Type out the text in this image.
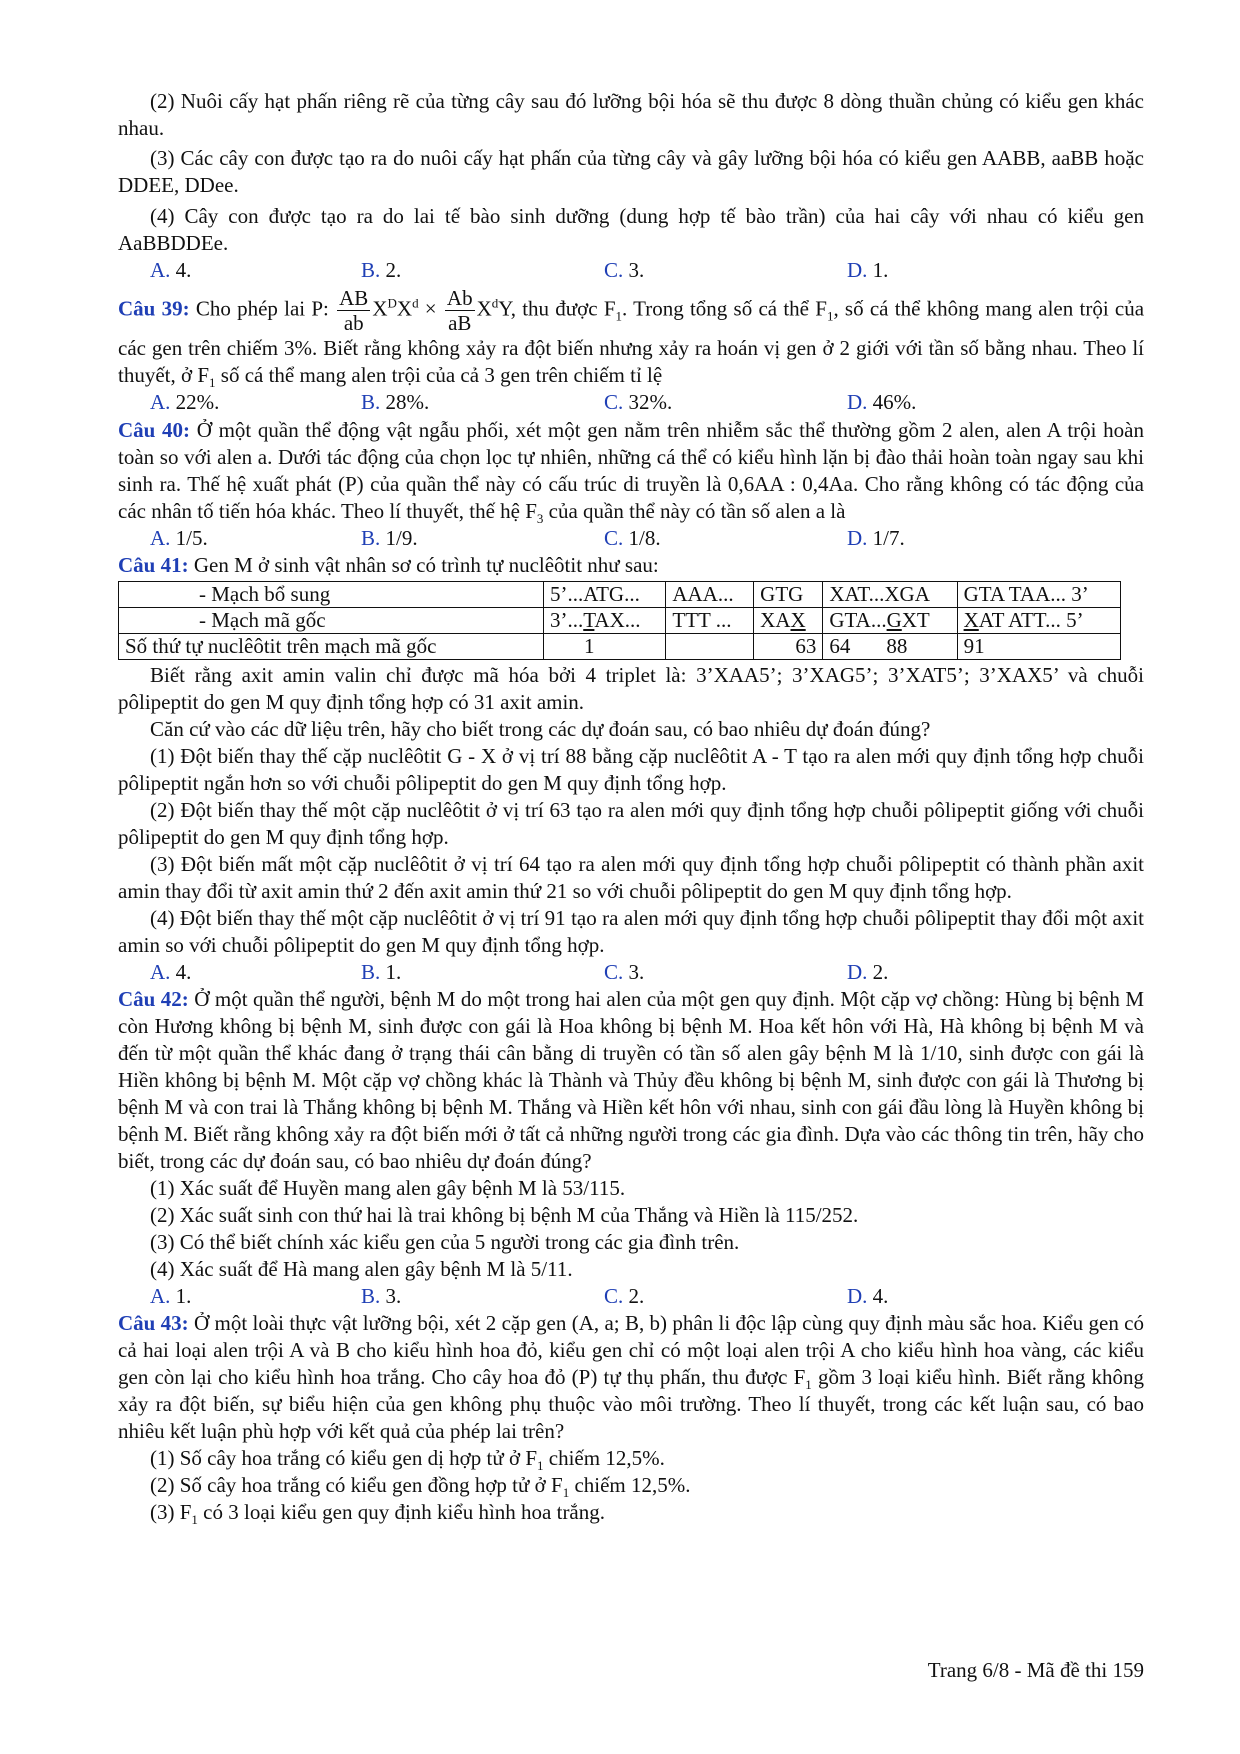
(2) Nuôi cấy hạt phấn riêng rẽ của từng cây sau đó lưỡng bội hóa sẽ thu được 8 dòng thuần chủng có kiểu gen khác nhau.

(3) Các cây con được tạo ra do nuôi cấy hạt phấn của từng cây và gây lưỡng bội hóa có kiểu gen AABB, aaBB hoặc DDEE, DDee.

(4) Cây con được tạo ra do lai tế bào sinh dưỡng (dung hợp tế bào trần) của hai cây với nhau có kiểu gen AaBBDDEe.

A. 4.	B. 2.	C. 3.	D. 1.

Câu 39: Cho phép lai P: $\frac{AB}{ab} X^DX^d \times \frac{Ab}{aB} X^dY$, thu được $F_1$. Trong tổng số cá thể $F_1$, số cá thể không mang alen trội của các gen trên chiếm 3%. Biết rằng không xảy ra đột biến nhưng xảy ra hoán vị gen ở 2 giới với tần số bằng nhau. Theo lí thuyết, ở $F_1$ số cá thể mang alen trội của cả 3 gen trên chiếm tỉ lệ

A. 22%.	B. 28%.	C. 32%.	D. 46%.

Câu 40: Ở một quần thể động vật ngẫu phối, xét một gen nằm trên nhiễm sắc thể thường gồm 2 alen, alen A trội hoàn toàn so với alen a. Dưới tác động của chọn lọc tự nhiên, những cá thể có kiểu hình lặn bị đào thải hoàn toàn ngay sau khi sinh ra. Thế hệ xuất phát (P) của quần thể này có cấu trúc di truyền là 0,6AA : 0,4Aa. Cho rằng không có tác động của các nhân tố tiến hóa khác. Theo lí thuyết, thế hệ $F_3$ của quần thể này có tần số alen a là

A. 1/5.	B. 1/9.	C. 1/8.	D. 1/7.

Câu 41: Gen M ở sinh vật nhân sơ có trình tự nuclêôtit như sau:

- Mạch bổ sung	5’...ATG...	AAA...	GTG	XAT...XGA	GTA TAA... 3’
- Mạch mã gốc	3’...TAX...	TTT ...	XAX	GTA...GXT	XAT ATT... 5’
Số thứ tự nuclêôtit trên mạch mã gốc	1		63	64 88	91

Biết rằng axit amin valin chỉ được mã hóa bởi 4 triplet là: 3’XAA5’; 3’XAG5’; 3’XAT5’; 3’XAX5’ và chuỗi pôlipeptit do gen M quy định tổng hợp có 31 axit amin.

Căn cứ vào các dữ liệu trên, hãy cho biết trong các dự đoán sau, có bao nhiêu dự đoán đúng?

(1) Đột biến thay thế cặp nuclêôtit G - X ở vị trí 88 bằng cặp nuclêôtit A - T tạo ra alen mới quy định tổng hợp chuỗi pôlipeptit ngắn hơn so với chuỗi pôlipeptit do gen M quy định tổng hợp.

(2) Đột biến thay thế một cặp nuclêôtit ở vị trí 63 tạo ra alen mới quy định tổng hợp chuỗi pôlipeptit giống với chuỗi pôlipeptit do gen M quy định tổng hợp.

(3) Đột biến mất một cặp nuclêôtit ở vị trí 64 tạo ra alen mới quy định tổng hợp chuỗi pôlipeptit có thành phần axit amin thay đổi từ axit amin thứ 2 đến axit amin thứ 21 so với chuỗi pôlipeptit do gen M quy định tổng hợp.

(4) Đột biến thay thế một cặp nuclêôtit ở vị trí 91 tạo ra alen mới quy định tổng hợp chuỗi pôlipeptit thay đổi một axit amin so với chuỗi pôlipeptit do gen M quy định tổng hợp.

A. 4.	B. 1.	C. 3.	D. 2.

Câu 42: Ở một quần thể người, bệnh M do một trong hai alen của một gen quy định. Một cặp vợ chồng: Hùng bị bệnh M còn Hương không bị bệnh M, sinh được con gái là Hoa không bị bệnh M. Hoa kết hôn với Hà, Hà không bị bệnh M và đến từ một quần thể khác đang ở trạng thái cân bằng di truyền có tần số alen gây bệnh M là 1/10, sinh được con gái là Hiền không bị bệnh M. Một cặp vợ chồng khác là Thành và Thủy đều không bị bệnh M, sinh được con gái là Thương bị bệnh M và con trai là Thắng không bị bệnh M. Thắng và Hiền kết hôn với nhau, sinh con gái đầu lòng là Huyền không bị bệnh M. Biết rằng không xảy ra đột biến mới ở tất cả những người trong các gia đình. Dựa vào các thông tin trên, hãy cho biết, trong các dự đoán sau, có bao nhiêu dự đoán đúng?

(1) Xác suất để Huyền mang alen gây bệnh M là 53/115.

(2) Xác suất sinh con thứ hai là trai không bị bệnh M của Thắng và Hiền là 115/252.

(3) Có thể biết chính xác kiểu gen của 5 người trong các gia đình trên.

(4) Xác suất để Hà mang alen gây bệnh M là 5/11.

A. 1.	B. 3.	C. 2.	D. 4.

Câu 43: Ở một loài thực vật lưỡng bội, xét 2 cặp gen (A, a; B, b) phân li độc lập cùng quy định màu sắc hoa. Kiểu gen có cả hai loại alen trội A và B cho kiểu hình hoa đỏ, kiểu gen chỉ có một loại alen trội A cho kiểu hình hoa vàng, các kiểu gen còn lại cho kiểu hình hoa trắng. Cho cây hoa đỏ (P) tự thụ phấn, thu được $F_1$ gồm 3 loại kiểu hình. Biết rằng không xảy ra đột biến, sự biểu hiện của gen không phụ thuộc vào môi trường. Theo lí thuyết, trong các kết luận sau, có bao nhiêu kết luận phù hợp với kết quả của phép lai trên?

(1) Số cây hoa trắng có kiểu gen dị hợp tử ở $F_1$ chiếm 12,5%.

(2) Số cây hoa trắng có kiểu gen đồng hợp tử ở $F_1$ chiếm 12,5%.

(3) $F_1$ có 3 loại kiểu gen quy định kiểu hình hoa trắng.

Trang 6/8 - Mã đề thi 159
